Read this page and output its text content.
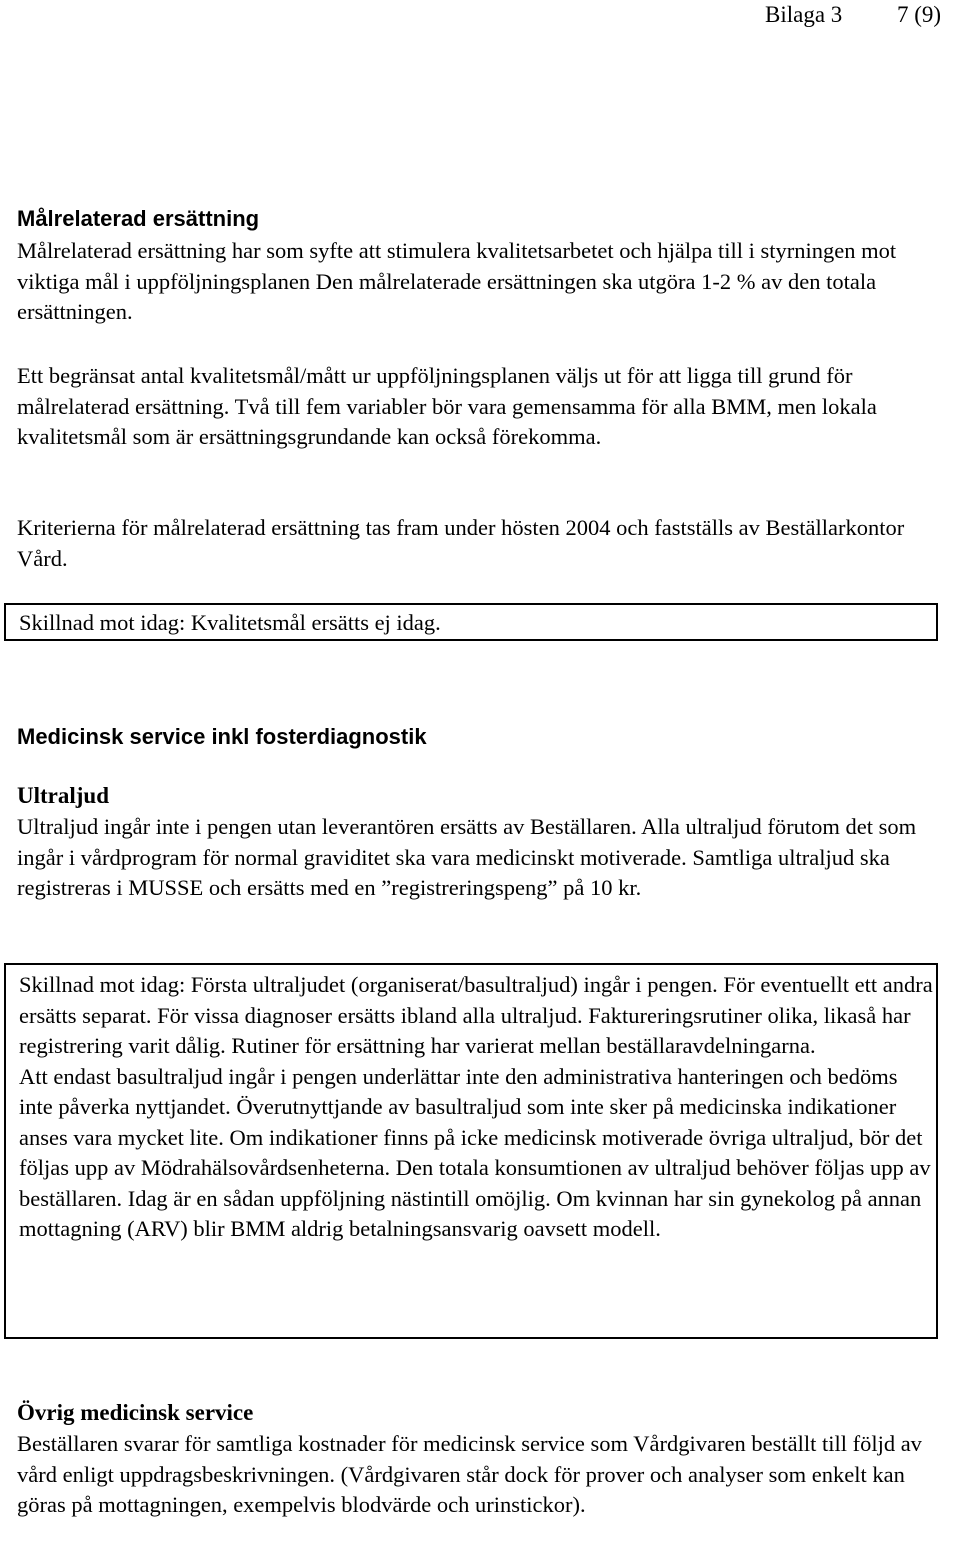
Bilaga 3 7 (9)
Målrelaterad ersättning

Målrelaterad ersättning har som syfte att stimulera kvalitetsarbetet och hjälpa till i styrningen mot viktiga mål i uppföljningsplanen Den målrelaterade ersättningen ska utgöra 1-2 % av den totala ersättningen.

Ett begränsat antal kvalitetsmål/mått ur uppföljningsplanen väljs ut för att ligga till grund för målrelaterad ersättning. Två till fem variabler bör vara gemensamma för alla BMM, men lokala kvalitetsmål som är ersättningsgrundande kan också förekomma.

Kriterierna för målrelaterad ersättning tas fram under hösten 2004 och fastställs av Beställarkontor Vård.

Skillnad mot idag: Kvalitetsmål ersätts ej idag.

Medicinsk service inkl fosterdiagnostik
Ultraljud

Ultraljud ingår inte i pengen utan leverantören ersätts av Beställaren. Alla ultraljud förutom det som ingår i vårdprogram för normal graviditet ska vara medicinskt motiverade. Samtliga ultraljud ska registreras i MUSSE och ersätts med en ”registreringspeng” på 10 kr.

Skillnad mot idag: Första ultraljudet (organiserat/basultraljud) ingår i pengen. För eventuellt ett andra ersätts separat. För vissa diagnoser ersätts ibland alla ultraljud. Faktureringsrutiner olika, likaså har registrering varit dålig. Rutiner för ersättning har varierat mellan beställaravdelningarna.

Att endast basultraljud ingår i pengen underlättar inte den administrativa hanteringen och bedöms inte påverka nyttjandet. Överutnyttjande av basultraljud som inte sker på medicinska indikationer anses vara mycket lite. Om indikationer finns på icke medicinsk motiverade övriga ultraljud, bör det följas upp av Mödrahälsovårdsenheterna. Den totala konsumtionen av ultraljud behöver följas upp av beställaren. Idag är en sådan uppföljning nästintill omöjlig. Om kvinnan har sin gynekolog på annan mottagning (ARV) blir BMM aldrig betalningsansvarig oavsett modell.

Övrig medicinsk service

Beställaren svarar för samtliga kostnader för medicinsk service som Vårdgivaren beställt till följd av vård enligt uppdragsbeskrivningen. (Vårdgivaren står dock för prover och analyser som enkelt kan göras på mottagningen, exempelvis blodvärde och urinstickor).
